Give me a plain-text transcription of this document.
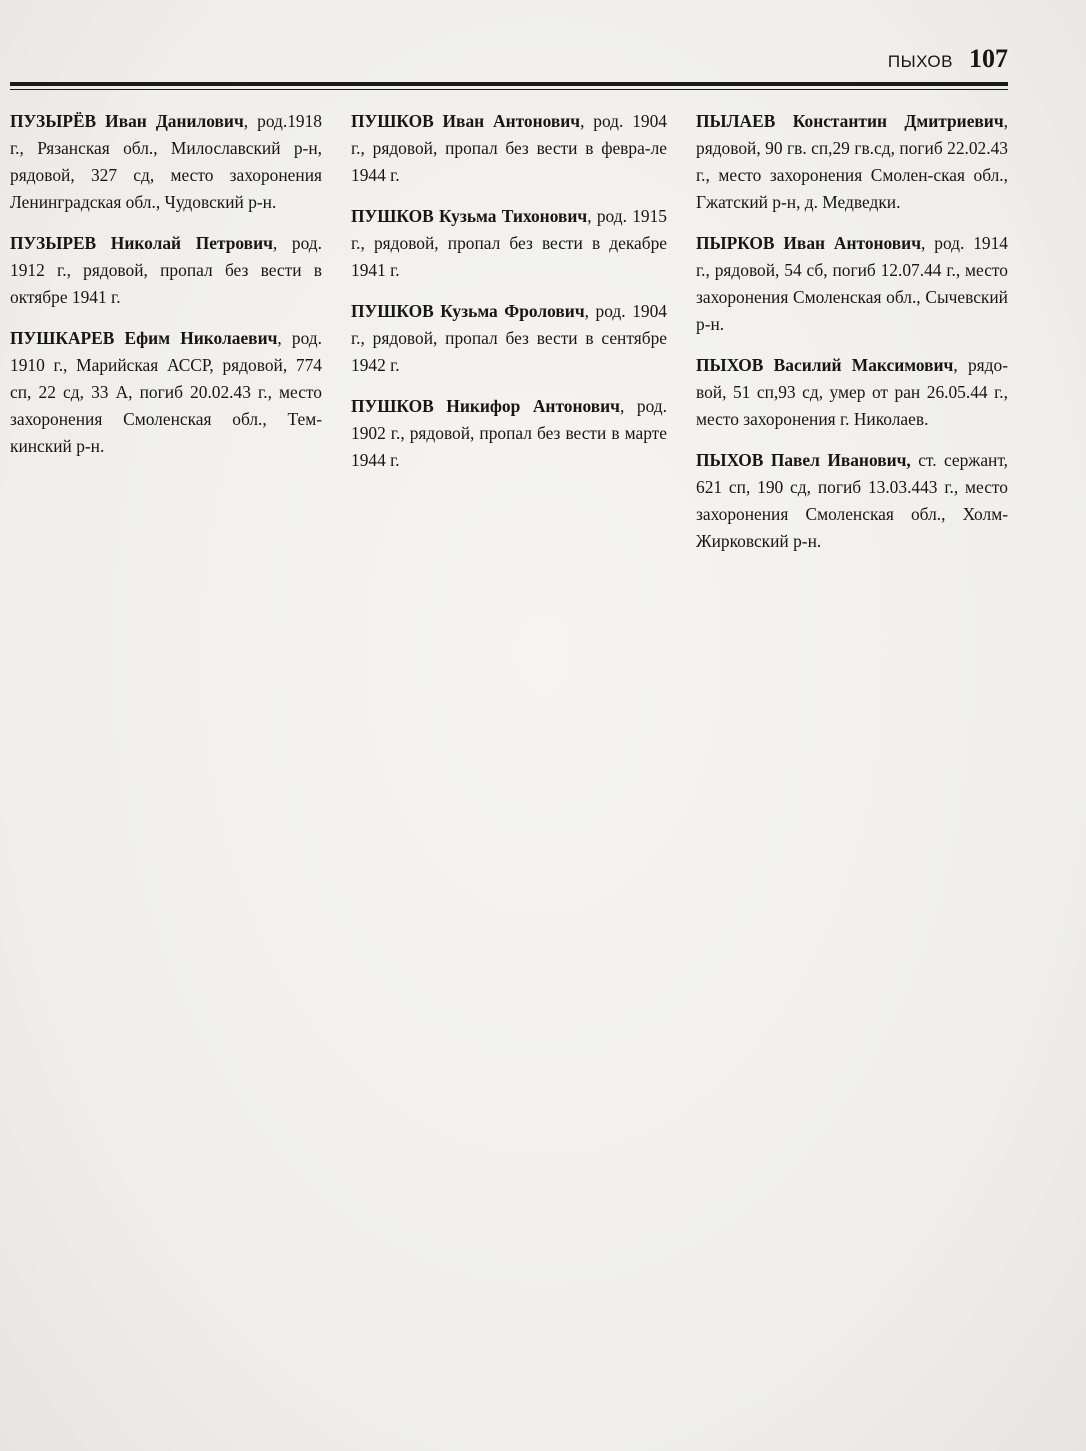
ПЫХОВ 107

ПУЗЫРЁВ Иван Данилович, род.1918 г., Рязанская обл., Милославский р-н, рядовой, 327 сд, место захоронения Ленинградская обл., Чудовский р-н.

ПУЗЫРЕВ Николай Петрович, род. 1912 г., рядовой, пропал без вести в октябре 1941 г.

ПУШКАРЕВ Ефим Николаевич, род. 1910 г., Марийская АССР, рядовой, 774 сп, 22 сд, 33 А, погиб 20.02.43 г., место захоронения Смоленская обл., Тем-кинский р-н.

ПУШКОВ Иван Антонович, род. 1904 г., рядовой, пропал без вести в февра-ле 1944 г.

ПУШКОВ Кузьма Тихонович, род. 1915 г., рядовой, пропал без вести в декабре 1941 г.

ПУШКОВ Кузьма Фролович, род. 1904 г., рядовой, пропал без вести в сентябре 1942 г.

ПУШКОВ Никифор Антонович, род. 1902 г., рядовой, пропал без вести в марте 1944 г.

ПЫЛАЕВ Константин Дмитриевич, рядовой, 90 гв. сп,29 гв.сд, погиб 22.02.43 г., место захоронения Смолен-ская обл., Гжатский р-н, д. Медведки.

ПЫРКОВ Иван Антонович, род. 1914 г., рядовой, 54 сб, погиб 12.07.44 г., место захоронения Смоленская обл., Сычевский р-н.

ПЫХОВ Василий Максимович, рядо-вой, 51 сп,93 сд, умер от ран 26.05.44 г., место захоронения г. Николаев.

ПЫХОВ Павел Иванович, ст. сержант, 621 сп, 190 сд, погиб 13.03.443 г., место захоронения Смоленская обл., Холм-Жирковский р-н.
